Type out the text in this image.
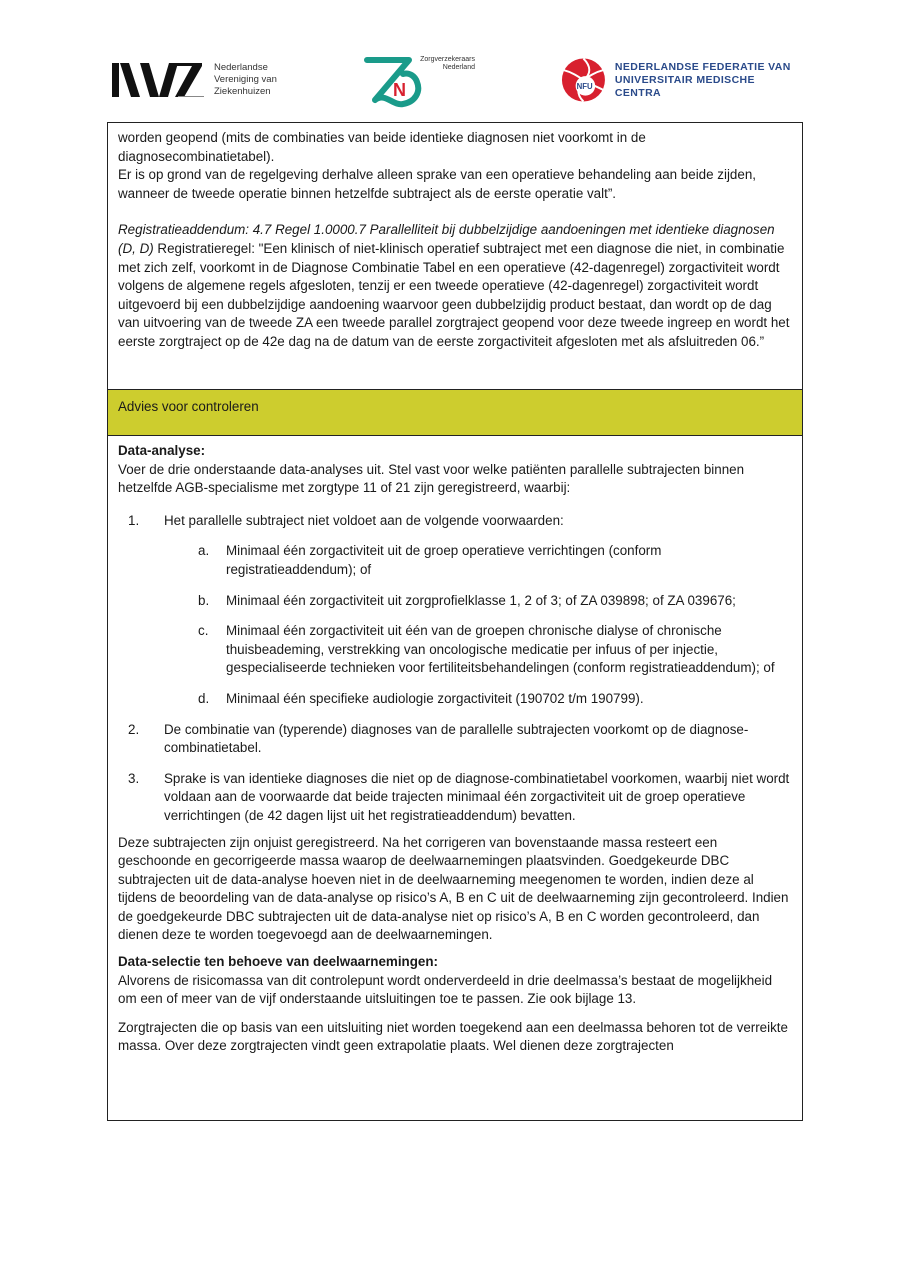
Nederlandse
Vereniging van
Ziekenhuizen	N
Zorgverzekeraars
Nederland
NFU
NEDERLANDSE FEDERATIE VAN
UNIVERSITAIR MEDISCHE CENTRA

worden geopend (mits de combinaties van beide identieke diagnosen niet voorkomt in de diagnosecombinatietabel).

Er is op grond van de regelgeving derhalve alleen sprake van een operatieve behandeling aan beide zijden, wanneer de tweede operatie binnen hetzelfde subtraject als de eerste operatie valt”.

Registratieaddendum: 4.7 Regel 1.0000.7 Parallelliteit bij dubbelzijdige aandoeningen met identieke diagnosen (D, D) Registratieregel: "Een klinisch of niet-klinisch operatief subtraject met een diagnose die niet, in combinatie met zich zelf, voorkomt in de Diagnose Combinatie Tabel en een operatieve (42-dagenregel) zorgactiviteit wordt volgens de algemene regels afgesloten, tenzij er een tweede operatieve (42-dagenregel) zorgactiviteit wordt uitgevoerd bij een dubbelzijdige aandoening waarvoor geen dubbelzijdig product bestaat, dan wordt op de dag van uitvoering van de tweede ZA een tweede parallel zorgtraject geopend voor deze tweede ingreep en wordt het eerste zorgtraject op de 42e dag na de datum van de eerste zorgactiviteit afgesloten met als afsluitreden 06.”

Advies voor controleren

Data-analyse:

Voer de drie onderstaande data-analyses uit. Stel vast voor welke patiënten parallelle subtrajecten binnen hetzelfde AGB-specialisme met zorgtype 11 of 21 zijn geregistreerd, waarbij:

1.	Het parallelle subtraject niet voldoet aan de volgende voorwaarden:
a.	Minimaal één zorgactiviteit uit de groep operatieve verrichtingen (conform registratieaddendum); of
b.	Minimaal één zorgactiviteit uit zorgprofielklasse 1, 2 of 3; of ZA 039898; of ZA 039676;
c.	Minimaal één zorgactiviteit uit één van de groepen chronische dialyse of chronische thuisbeademing, verstrekking van oncologische medicatie per infuus of per injectie, gespecialiseerde technieken voor fertiliteitsbehandelingen (conform registratieaddendum); of
d.	Minimaal één specifieke audiologie zorgactiviteit (190702 t/m 190799).
2.	De combinatie van (typerende) diagnoses van de parallelle subtrajecten voorkomt op de diagnose-combinatietabel.
3.	Sprake is van identieke diagnoses die niet op de diagnose-combinatietabel voorkomen, waarbij niet wordt voldaan aan de voorwaarde dat beide trajecten minimaal één zorgactiviteit uit de groep operatieve verrichtingen (de 42 dagen lijst uit het registratieaddendum) bevatten.

Deze subtrajecten zijn onjuist geregistreerd. Na het corrigeren van bovenstaande massa resteert een geschoonde en gecorrigeerde massa waarop de deelwaarnemingen plaatsvinden. Goedgekeurde DBC subtrajecten uit de data-analyse hoeven niet in de deelwaarneming meegenomen te worden, indien deze al tijdens de beoordeling van de data-analyse op risico’s A, B en C uit de deelwaarneming zijn gecontroleerd. Indien de goedgekeurde DBC subtrajecten uit de data-analyse niet op risico’s A, B en C worden gecontroleerd, dan dienen deze te worden toegevoegd aan de deelwaarnemingen.

Data-selectie ten behoeve van deelwaarnemingen:

Alvorens de risicomassa van dit controlepunt wordt onderverdeeld in drie deelmassa’s bestaat de mogelijkheid om een of meer van de vijf onderstaande uitsluitingen toe te passen. Zie ook bijlage 13.

Zorgtrajecten die op basis van een uitsluiting niet worden toegekend aan een deelmassa behoren tot de verreikte massa. Over deze zorgtrajecten vindt geen extrapolatie plaats. Wel dienen deze zorgtrajecten
